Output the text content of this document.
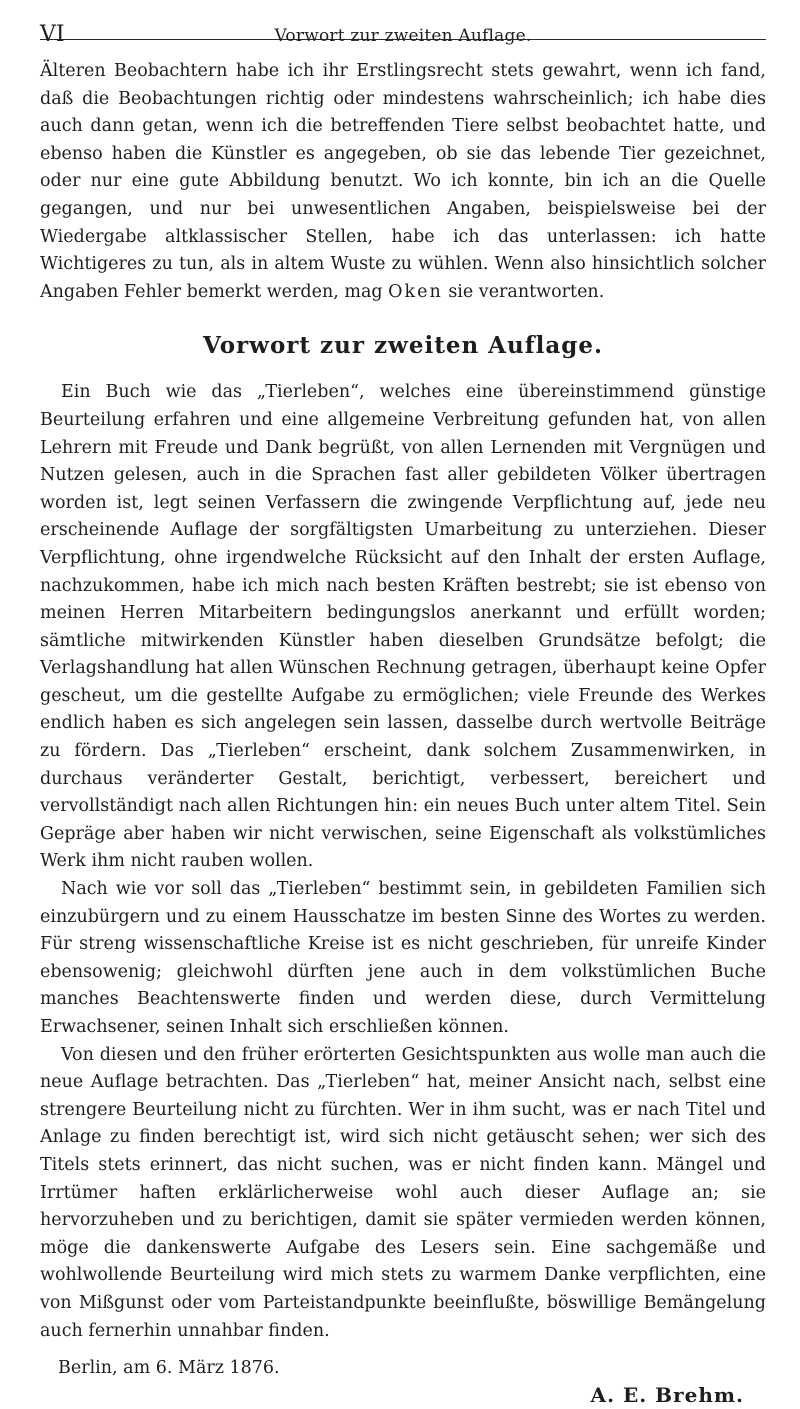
VI	Vorwort zur zweiten Auflage.

Älteren Beobachtern habe ich ihr Erstlingsrecht stets gewahrt, wenn ich fand, daß die Beobachtungen richtig oder mindestens wahrscheinlich; ich habe dies auch dann getan, wenn ich die betreffenden Tiere selbst beobachtet hatte, und ebenso haben die Künstler es angegeben, ob sie das lebende Tier gezeichnet, oder nur eine gute Abbildung benutzt. Wo ich konnte, bin ich an die Quelle gegangen, und nur bei unwesentlichen Angaben, beispielsweise bei der Wiedergabe altklassischer Stellen, habe ich das unterlassen: ich hatte Wichtigeres zu tun, als in altem Wuste zu wühlen. Wenn also hinsichtlich solcher Angaben Fehler bemerkt werden, mag Oken sie verantworten.

Vorwort zur zweiten Auflage.

Ein Buch wie das „Tierleben“, welches eine übereinstimmend günstige Beurteilung erfahren und eine allgemeine Verbreitung gefunden hat, von allen Lehrern mit Freude und Dank begrüßt, von allen Lernenden mit Vergnügen und Nutzen gelesen, auch in die Sprachen fast aller gebildeten Völker übertragen worden ist, legt seinen Verfassern die zwingende Verpflichtung auf, jede neu erscheinende Auflage der sorgfältigsten Umarbeitung zu unterziehen. Dieser Verpflichtung, ohne irgendwelche Rücksicht auf den Inhalt der ersten Auflage, nachzukommen, habe ich mich nach besten Kräften bestrebt; sie ist ebenso von meinen Herren Mitarbeitern bedingungslos anerkannt und erfüllt worden; sämtliche mitwirkenden Künstler haben dieselben Grundsätze befolgt; die Verlagshandlung hat allen Wünschen Rechnung getragen, überhaupt keine Opfer gescheut, um die gestellte Aufgabe zu ermöglichen; viele Freunde des Werkes endlich haben es sich angelegen sein lassen, dasselbe durch wertvolle Beiträge zu fördern. Das „Tierleben“ erscheint, dank solchem Zusammenwirken, in durchaus veränderter Gestalt, berichtigt, verbessert, bereichert und vervollständigt nach allen Richtungen hin: ein neues Buch unter altem Titel. Sein Gepräge aber haben wir nicht verwischen, seine Eigenschaft als volkstümliches Werk ihm nicht rauben wollen.

Nach wie vor soll das „Tierleben“ bestimmt sein, in gebildeten Familien sich einzubürgern und zu einem Hausschatze im besten Sinne des Wortes zu werden. Für streng wissenschaftliche Kreise ist es nicht geschrieben, für unreife Kinder ebensowenig; gleichwohl dürften jene auch in dem volkstümlichen Buche manches Beachtenswerte finden und werden diese, durch Vermittelung Erwachsener, seinen Inhalt sich erschließen können.

Von diesen und den früher erörterten Gesichtspunkten aus wolle man auch die neue Auflage betrachten. Das „Tierleben“ hat, meiner Ansicht nach, selbst eine strengere Beurteilung nicht zu fürchten. Wer in ihm sucht, was er nach Titel und Anlage zu finden berechtigt ist, wird sich nicht getäuscht sehen; wer sich des Titels stets erinnert, das nicht suchen, was er nicht finden kann. Mängel und Irrtümer haften erklärlicherweise wohl auch dieser Auflage an; sie hervorzuheben und zu berichtigen, damit sie später vermieden werden können, möge die dankenswerte Aufgabe des Lesers sein. Eine sachgemäße und wohlwollende Beurteilung wird mich stets zu warmem Danke verpflichten, eine von Mißgunst oder vom Parteistandpunkte beeinflußte, böswillige Bemängelung auch fernerhin unnahbar finden.

Berlin, am 6. März 1876.
A. E. Brehm.
